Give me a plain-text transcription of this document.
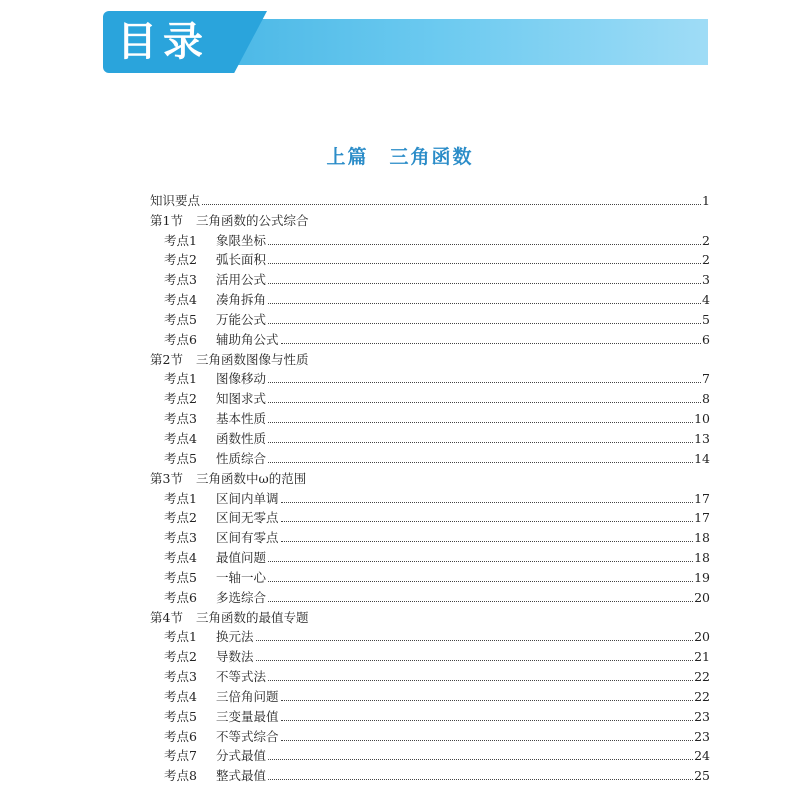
目录
上篇　三角函数
知识要点	1
第1节	三角函数的公式综合
考点1	象限坐标	2
考点2	弧长面积	2
考点3	活用公式	3
考点4	凑角拆角	4
考点5	万能公式	5
考点6	辅助角公式	6
第2节	三角函数图像与性质
考点1	图像移动	7
考点2	知图求式	8
考点3	基本性质	10
考点4	函数性质	13
考点5	性质综合	14
第3节	三角函数中ω的范围
考点1	区间内单调	17
考点2	区间无零点	17
考点3	区间有零点	18
考点4	最值问题	18
考点5	一轴一心	19
考点6	多选综合	20
第4节	三角函数的最值专题
考点1	换元法	20
考点2	导数法	21
考点3	不等式法	22
考点4	三倍角问题	22
考点5	三变量最值	23
考点6	不等式综合	23
考点7	分式最值	24
考点8	整式最值	25
